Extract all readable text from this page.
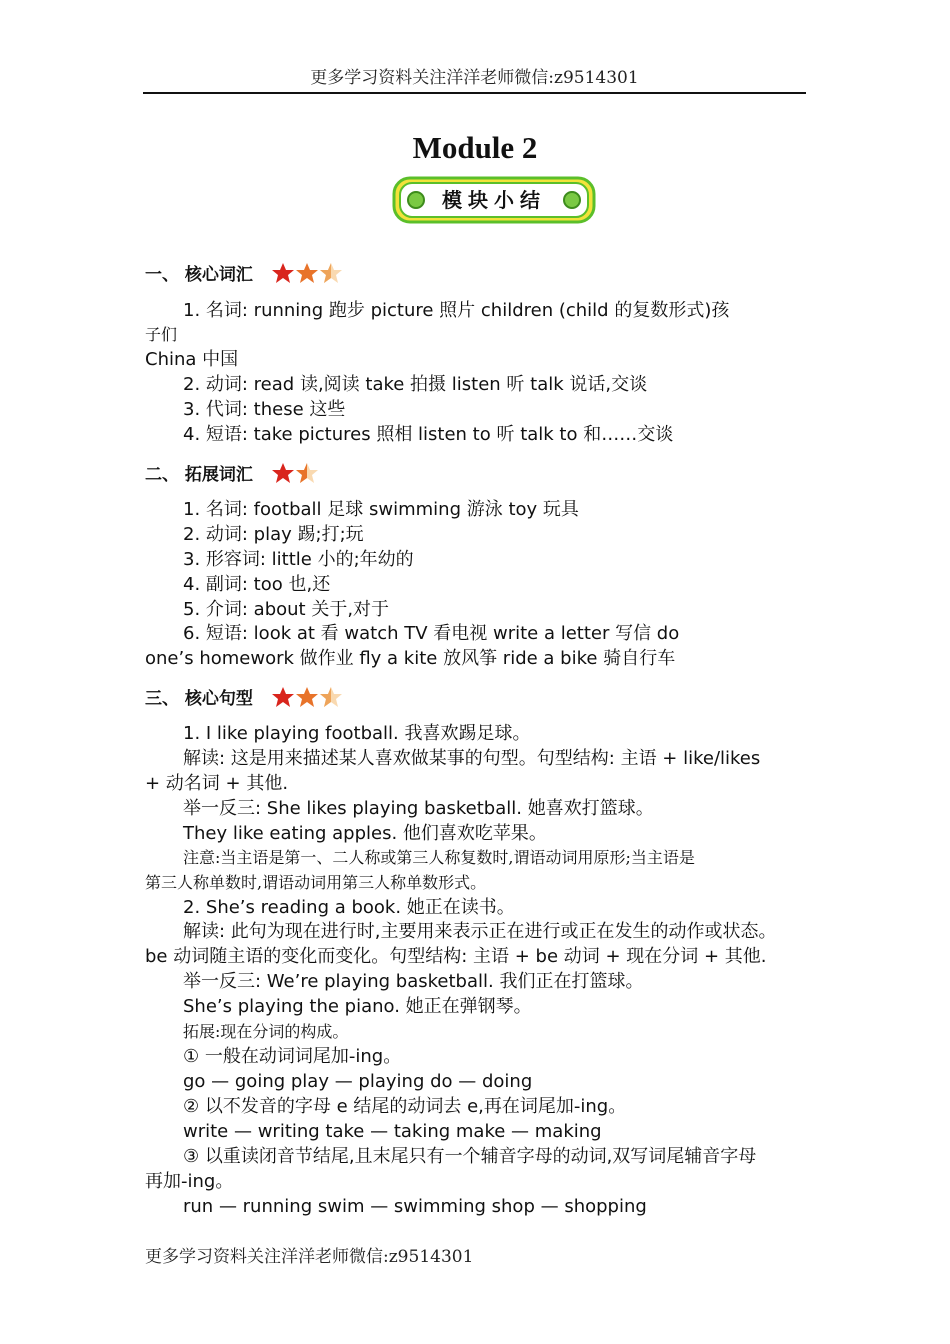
更多学习资料关注洋洋老师微信:z9514301
Module 2
模块小结
一、 核心词汇
1. 名词: running 跑步 picture 照片 children (child 的复数形式)孩
子们
China 中国
2. 动词: read 读,阅读 take 拍摄 listen 听 talk 说话,交谈
3. 代词: these 这些
4. 短语: take pictures 照相 listen to 听 talk to 和……交谈
二、 拓展词汇
1. 名词: football 足球 swimming 游泳 toy 玩具
2. 动词: play 踢;打;玩
3. 形容词: little 小的;年幼的
4. 副词: too 也,还
5. 介词: about 关于,对于
6. 短语: look at 看 watch TV 看电视 write a letter 写信 do
one’s homework 做作业 fly a kite 放风筝 ride a bike 骑自行车
三、 核心句型
1. I like playing football. 我喜欢踢足球。
解读: 这是用来描述某人喜欢做某事的句型。句型结构: 主语 + like/likes
+ 动名词 + 其他.
举一反三: She likes playing basketball. 她喜欢打篮球。
They like eating apples. 他们喜欢吃苹果。
注意:当主语是第一、二人称或第三人称复数时,谓语动词用原形;当主语是
第三人称单数时,谓语动词用第三人称单数形式。
2. She’s reading a book. 她正在读书。
解读: 此句为现在进行时,主要用来表示正在进行或正在发生的动作或状态。
be 动词随主语的变化而变化。句型结构: 主语 + be 动词 + 现在分词 + 其他.
举一反三: We’re playing basketball. 我们正在打篮球。
She’s playing the piano. 她正在弹钢琴。
拓展:现在分词的构成。
① 一般在动词词尾加-ing。
go — going play — playing do — doing
② 以不发音的字母 e 结尾的动词去 e,再在词尾加-ing。
write — writing take — taking make — making
③ 以重读闭音节结尾,且末尾只有一个辅音字母的动词,双写词尾辅音字母
再加-ing。
run — running swim — swimming shop — shopping
更多学习资料关注洋洋老师微信:z9514301
